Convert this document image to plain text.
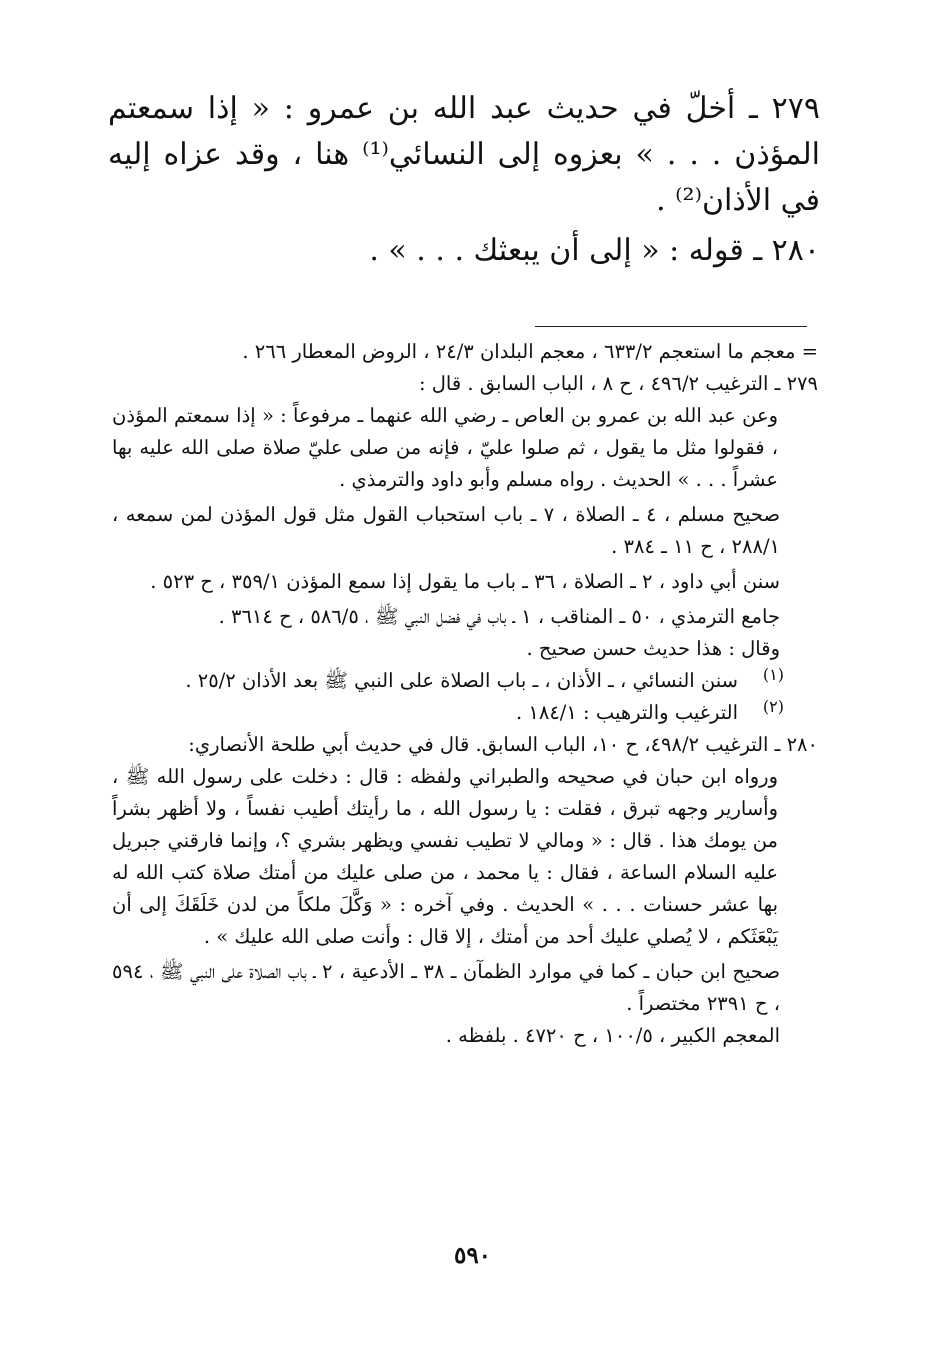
٢٧٩ ـ أخلّ في حديث عبد الله بن عمرو : « إذا سمعتم المؤذن . . . » بعزوه إلى النسائي⁽¹⁾ هنا ، وقد عزاه إليه في الأذان⁽²⁾ .

٢٨٠ ـ قوله : « إلى أن يبعثك . . . » .

= معجم ما استعجم ٦٣٣/٢ ، معجم البلدان ٢٤/٣ ، الروض المعطار ٢٦٦ .

٢٧٩ ـ الترغيب ٤٩٦/٢ ، ح ٨ ، الباب السابق . قال :

وعن عبد الله بن عمرو بن العاص ـ رضي الله عنهما ـ مرفوعاً : « إذا سمعتم المؤذن ، فقولوا مثل ما يقول ، ثم صلوا عليّ ، فإنه من صلى عليّ صلاة صلى الله عليه بها عشراً . . . » الحديث . رواه مسلم وأبو داود والترمذي .

صحيح مسلم ، ٤ ـ الصلاة ، ٧ ـ باب استحباب القول مثل قول المؤذن لمن سمعه ، ٢٨٨/١ ، ح ١١ ـ ٣٨٤ .

سنن أبي داود ، ٢ ـ الصلاة ، ٣٦ ـ باب ما يقول إذا سمع المؤذن ٣٥٩/١ ، ح ٥٢٣ .

جامع الترمذي ، ٥٠ ـ المناقب ، ١ ـ باب في فضل النبي ﷺ ، ٥٨٦/٥ ، ح ٣٦١٤ .

وقال : هذا حديث حسن صحيح .

(١)
سنن النسائي ، ـ الأذان ، ـ باب الصلاة على النبي ﷺ بعد الأذان ٢٥/٢ .
(٢)
الترغيب والترهيب : ١٨٤/١ .

٢٨٠ ـ الترغيب ٤٩٨/٢، ح ١٠، الباب السابق. قال في حديث أبي طلحة الأنصاري:

ورواه ابن حبان في صحيحه والطبراني ولفظه : قال : دخلت على رسول الله ﷺ ، وأسارير وجهه تبرق ، فقلت : يا رسول الله ، ما رأيتك أطيب نفساً ، ولا أظهر بشراً من يومك هذا . قال : « ومالي لا تطيب نفسي ويظهر بشري ؟، وإنما فارقني جبريل عليه السلام الساعة ، فقال : يا محمد ، من صلى عليك من أمتك صلاة كتب الله له بها عشر حسنات . . . » الحديث . وفي آخره : « وَكَّلَ ملكاً من لدن خَلَقَكَ إلى أن يَبْعَثَكم ، لا يُصلي عليك أحد من أمتك ، إلا قال : وأنت صلى الله عليك » .

صحيح ابن حبان ـ كما في موارد الظمآن ـ ٣٨ ـ الأدعية ، ٢ ـ باب الصلاة على النبي ﷺ ، ٥٩٤ ، ح ٢٣٩١ مختصراً .

المعجم الكبير ، ١٠٠/٥ ، ح ٤٧٢٠ . بلفظه .

٥٩٠
